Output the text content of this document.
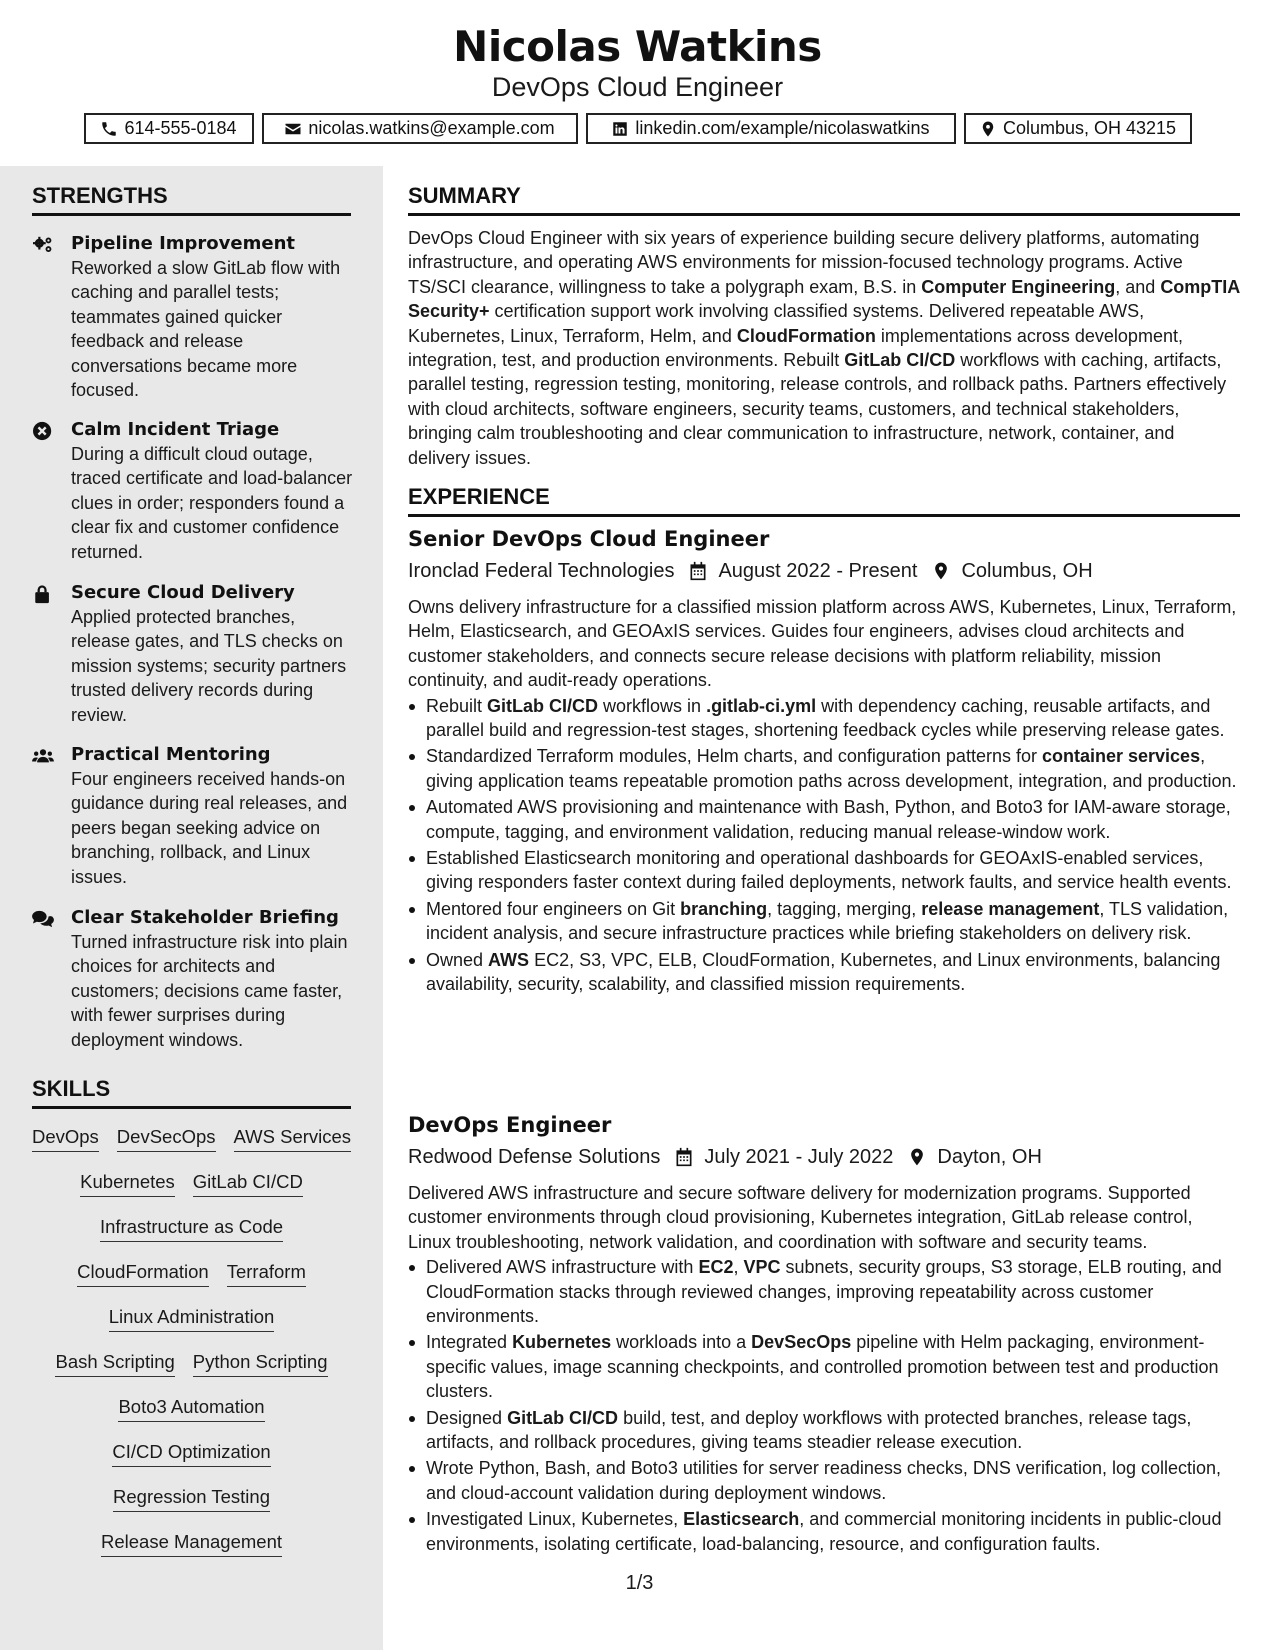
Nicolas Watkins
DevOps Cloud Engineer
614-555-0184	nicolas.watkins@example.com	linkedin.com/example/nicolaswatkins	Columbus, OH 43215
STRENGTHS
Pipeline Improvement
Reworked a slow GitLab flow with caching and parallel tests; teammates gained quicker feedback and release conversations became more focused.
Calm Incident Triage
During a difficult cloud outage, traced certificate and load-balancer clues in order; responders found a clear fix and customer confidence returned.
Secure Cloud Delivery
Applied protected branches, release gates, and TLS checks on mission systems; security partners trusted delivery records during review.
Practical Mentoring
Four engineers received hands-on guidance during real releases, and peers began seeking advice on branching, rollback, and Linux issues.
Clear Stakeholder Briefing
Turned infrastructure risk into plain choices for architects and customers; decisions came faster, with fewer surprises during deployment windows.
SKILLS
DevOps DevSecOps AWS Services
Kubernetes GitLab CI/CD
Infrastructure as Code
CloudFormation Terraform
Linux Administration
Bash Scripting Python Scripting
Boto3 Automation
CI/CD Optimization
Regression Testing
Release Management
SUMMARY
DevOps Cloud Engineer with six years of experience building secure delivery platforms, automating infrastructure, and operating AWS environments for mission-focused technology programs. Active TS/SCI clearance, willingness to take a polygraph exam, B.S. in Computer Engineering, and CompTIA Security+ certification support work involving classified systems. Delivered repeatable AWS, Kubernetes, Linux, Terraform, Helm, and CloudFormation implementations across development, integration, test, and production environments. Rebuilt GitLab CI/CD workflows with caching, artifacts, parallel testing, regression testing, monitoring, release controls, and rollback paths. Partners effectively with cloud architects, software engineers, security teams, customers, and technical stakeholders, bringing calm troubleshooting and clear communication to infrastructure, network, container, and delivery issues.
EXPERIENCE
Senior DevOps Cloud Engineer
Ironclad Federal Technologies August 2022 - Present Columbus, OH
Owns delivery infrastructure for a classified mission platform across AWS, Kubernetes, Linux, Terraform, Helm, Elasticsearch, and GEOAxIS services. Guides four engineers, advises cloud architects and customer stakeholders, and connects secure release decisions with platform reliability, mission continuity, and audit-ready operations.
Rebuilt GitLab CI/CD workflows in .gitlab-ci.yml with dependency caching, reusable artifacts, and parallel build and regression-test stages, shortening feedback cycles while preserving release gates.
Standardized Terraform modules, Helm charts, and configuration patterns for container services, giving application teams repeatable promotion paths across development, integration, and production.
Automated AWS provisioning and maintenance with Bash, Python, and Boto3 for IAM-aware storage, compute, tagging, and environment validation, reducing manual release-window work.
Established Elasticsearch monitoring and operational dashboards for GEOAxIS-enabled services, giving responders faster context during failed deployments, network faults, and service health events.
Mentored four engineers on Git branching, tagging, merging, release management, TLS validation, incident analysis, and secure infrastructure practices while briefing stakeholders on delivery risk.
Owned AWS EC2, S3, VPC, ELB, CloudFormation, Kubernetes, and Linux environments, balancing availability, security, scalability, and classified mission requirements.
DevOps Engineer
Redwood Defense Solutions July 2021 - July 2022 Dayton, OH
Delivered AWS infrastructure and secure software delivery for modernization programs. Supported customer environments through cloud provisioning, Kubernetes integration, GitLab release control, Linux troubleshooting, network validation, and coordination with software and security teams.
Delivered AWS infrastructure with EC2, VPC subnets, security groups, S3 storage, ELB routing, and CloudFormation stacks through reviewed changes, improving repeatability across customer environments.
Integrated Kubernetes workloads into a DevSecOps pipeline with Helm packaging, environment-specific values, image scanning checkpoints, and controlled promotion between test and production clusters.
Designed GitLab CI/CD build, test, and deploy workflows with protected branches, release tags, artifacts, and rollback procedures, giving teams steadier release execution.
Wrote Python, Bash, and Boto3 utilities for server readiness checks, DNS verification, log collection, and cloud-account validation during deployment windows.
Investigated Linux, Kubernetes, Elasticsearch, and commercial monitoring incidents in public-cloud environments, isolating certificate, load-balancing, resource, and configuration faults.
1/3
